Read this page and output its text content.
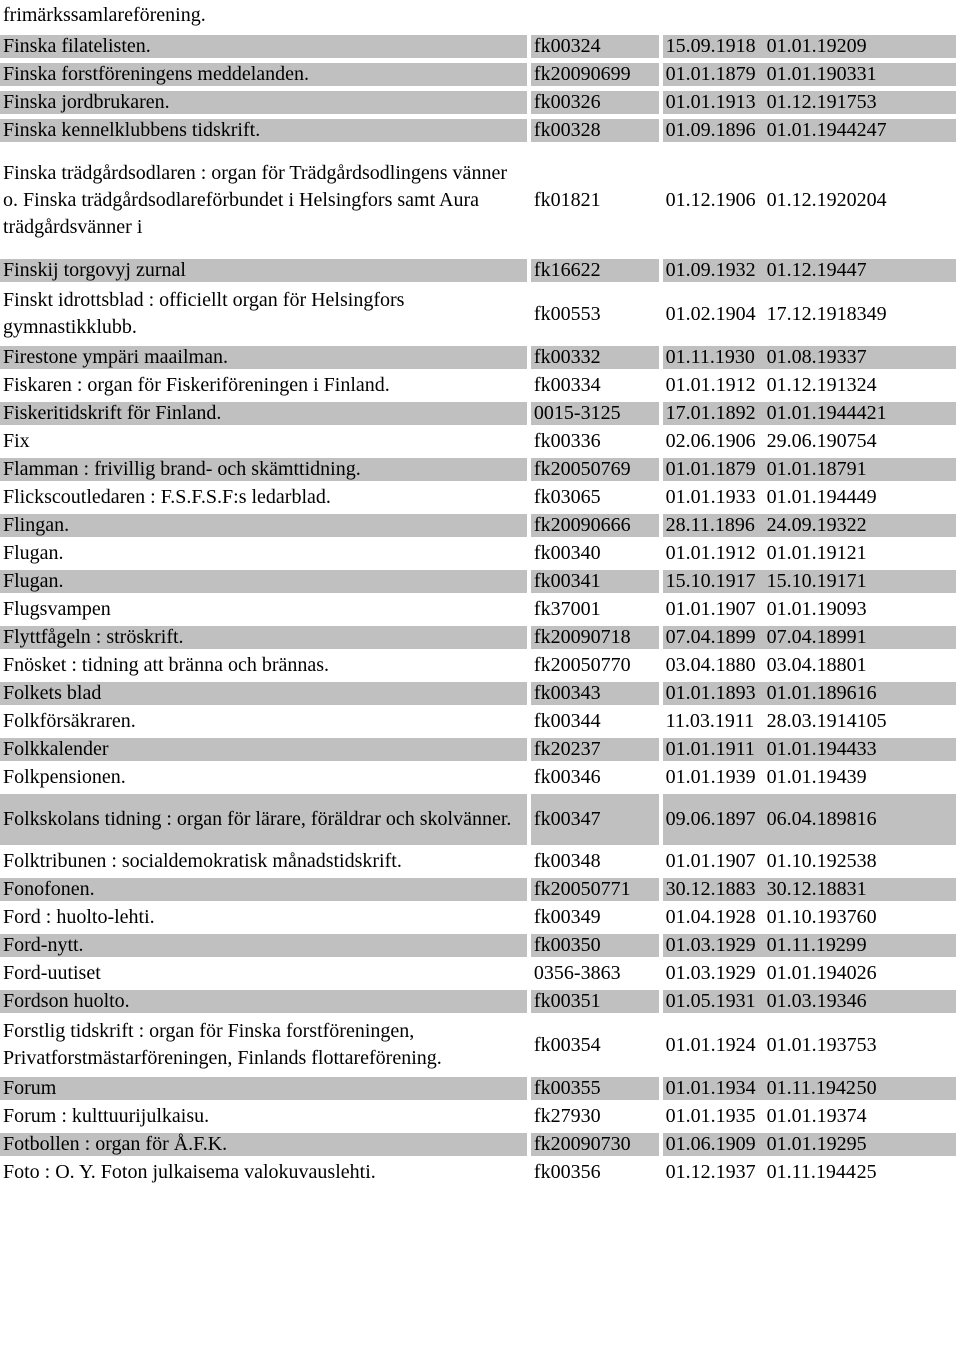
frimärkssamlareförening.				
Finska filatelisten.	fk00324	15.09.1918	01.01.1920	9
Finska forstföreningens meddelanden.	fk20090699	01.01.1879	01.01.1903	31
Finska jordbrukaren.	fk00326	01.01.1913	01.12.1917	53
Finska kennelklubbens tidskrift.	fk00328	01.09.1896	01.01.1944	247
Finska trädgårdsodlaren : organ för Trädgårdsodlingens vänner o. Finska trädgårdsodlareförbundet i Helsingfors samt Aura trädgårdsvänner i	fk01821	01.12.1906	01.12.1920	204
Finskij torgovyj zurnal	fk16622	01.09.1932	01.12.1944	7
Finskt idrottsblad : officiellt organ för Helsingfors gymnastikklubb.	fk00553	01.02.1904	17.12.1918	349
Firestone ympäri maailman.	fk00332	01.11.1930	01.08.1933	7
Fiskaren : organ för Fiskeriföreningen i Finland.	fk00334	01.01.1912	01.12.1913	24
Fiskeritidskrift för Finland.	0015-3125	17.01.1892	01.01.1944	421
Fix	fk00336	02.06.1906	29.06.1907	54
Flamman : frivillig brand- och skämttidning.	fk20050769	01.01.1879	01.01.1879	1
Flickscoutledaren : F.S.F.S.F:s ledarblad.	fk03065	01.01.1933	01.01.1944	49
Flingan.	fk20090666	28.11.1896	24.09.1932	2
Flugan.	fk00340	01.01.1912	01.01.1912	1
Flugan.	fk00341	15.10.1917	15.10.1917	1
Flugsvampen	fk37001	01.01.1907	01.01.1909	3
Flyttfågeln : ströskrift.	fk20090718	07.04.1899	07.04.1899	1
Fnösket : tidning att bränna och brännas.	fk20050770	03.04.1880	03.04.1880	1
Folkets blad	fk00343	01.01.1893	01.01.1896	16
Folkförsäkraren.	fk00344	11.03.1911	28.03.1914	105
Folkkalender	fk20237	01.01.1911	01.01.1944	33
Folkpensionen.	fk00346	01.01.1939	01.01.1943	9
Folkskolans tidning : organ för lärare, föräldrar och skolvänner.	fk00347	09.06.1897	06.04.1898	16
Folktribunen : socialdemokratisk månadstidskrift.	fk00348	01.01.1907	01.10.1925	38
Fonofonen.	fk20050771	30.12.1883	30.12.1883	1
Ford : huolto-lehti.	fk00349	01.04.1928	01.10.1937	60
Ford-nytt.	fk00350	01.03.1929	01.11.1929	9
Ford-uutiset	0356-3863	01.03.1929	01.01.1940	26
Fordson huolto.	fk00351	01.05.1931	01.03.1934	6
Forstlig tidskrift : organ för Finska forstföreningen, Privatforstmästarföreningen, Finlands flottareförening.	fk00354	01.01.1924	01.01.1937	53
Forum	fk00355	01.01.1934	01.11.1942	50
Forum : kulttuurijulkaisu.	fk27930	01.01.1935	01.01.1937	4
Fotbollen : organ för Å.F.K.	fk20090730	01.06.1909	01.01.1929	5
Foto : O. Y. Foton julkaisema valokuvauslehti.	fk00356	01.12.1937	01.11.1944	25
